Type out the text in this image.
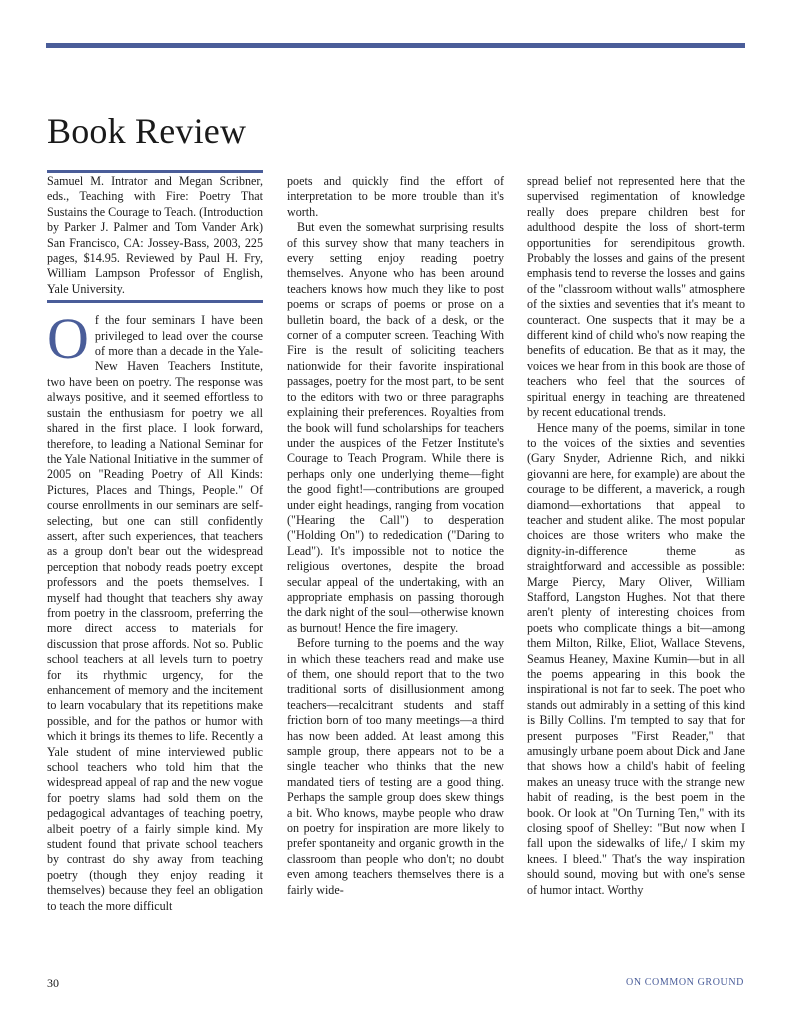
Book Review

Samuel M. Intrator and Megan Scribner, eds., Teaching with Fire: Poetry That Sustains the Courage to Teach. (Introduction by Parker J. Palmer and Tom Vander Ark) San Francisco, CA: Jossey-Bass, 2003, 225 pages, $14.95. Reviewed by Paul H. Fry, William Lampson Professor of English, Yale University.

Of the four seminars I have been privileged to lead over the course of more than a decade in the Yale-New Haven Teachers Institute, two have been on poetry. The response was always positive, and it seemed effortless to sustain the enthusiasm for poetry we all shared in the first place. I look forward, therefore, to leading a National Seminar for the Yale National Initiative in the summer of 2005 on "Reading Poetry of All Kinds: Pictures, Places and Things, People." Of course enrollments in our seminars are self-selecting, but one can still confidently assert, after such experiences, that teachers as a group don't bear out the widespread perception that nobody reads poetry except professors and the poets themselves. I myself had thought that teachers shy away from poetry in the classroom, preferring the more direct access to materials for discussion that prose affords. Not so. Public school teachers at all levels turn to poetry for its rhythmic urgency, for the enhancement of memory and the incitement to learn vocabulary that its repetitions make possible, and for the pathos or humor with which it brings its themes to life. Recently a Yale student of mine interviewed public school teachers who told him that the widespread appeal of rap and the new vogue for poetry slams had sold them on the pedagogical advantages of teaching poetry, albeit poetry of a fairly simple kind. My student found that private school teachers by contrast do shy away from teaching poetry (though they enjoy reading it themselves) because they feel an obligation to teach the more difficult

poets and quickly find the effort of interpretation to be more trouble than it's worth.

But even the somewhat surprising results of this survey show that many teachers in every setting enjoy reading poetry themselves. Anyone who has been around teachers knows how much they like to post poems or scraps of poems or prose on a bulletin board, the back of a desk, or the corner of a computer screen. Teaching With Fire is the result of soliciting teachers nationwide for their favorite inspirational passages, poetry for the most part, to be sent to the editors with two or three paragraphs explaining their preferences. Royalties from the book will fund scholarships for teachers under the auspices of the Fetzer Institute's Courage to Teach Program. While there is perhaps only one underlying theme—fight the good fight!—contributions are grouped under eight headings, ranging from vocation ("Hearing the Call") to desperation ("Holding On") to rededication ("Daring to Lead"). It's impossible not to notice the religious overtones, despite the broad secular appeal of the undertaking, with an appropriate emphasis on passing thorough the dark night of the soul—otherwise known as burnout! Hence the fire imagery.

Before turning to the poems and the way in which these teachers read and make use of them, one should report that to the two traditional sorts of disillusionment among teachers—recalcitrant students and staff friction born of too many meetings—a third has now been added. At least among this sample group, there appears not to be a single teacher who thinks that the new mandated tiers of testing are a good thing. Perhaps the sample group does skew things a bit. Who knows, maybe people who draw on poetry for inspiration are more likely to prefer spontaneity and organic growth in the classroom than people who don't; no doubt even among teachers themselves there is a fairly wide-

spread belief not represented here that the supervised regimentation of knowledge really does prepare children best for adulthood despite the loss of short-term opportunities for serendipitous growth. Probably the losses and gains of the present emphasis tend to reverse the losses and gains of the "classroom without walls" atmosphere of the sixties and seventies that it's meant to counteract. One suspects that it may be a different kind of child who's now reaping the benefits of education. Be that as it may, the voices we hear from in this book are those of teachers who feel that the sources of spiritual energy in teaching are threatened by recent educational trends.

Hence many of the poems, similar in tone to the voices of the sixties and seventies (Gary Snyder, Adrienne Rich, and nikki giovanni are here, for example) are about the courage to be different, a maverick, a rough diamond—exhortations that appeal to teacher and student alike. The most popular choices are those writers who make the dignity-in-difference theme as straightforward and accessible as possible: Marge Piercy, Mary Oliver, William Stafford, Langston Hughes. Not that there aren't plenty of interesting choices from poets who complicate things a bit—among them Milton, Rilke, Eliot, Wallace Stevens, Seamus Heaney, Maxine Kumin—but in all the poems appearing in this book the inspirational is not far to seek. The poet who stands out admirably in a setting of this kind is Billy Collins. I'm tempted to say that for present purposes "First Reader," that amusingly urbane poem about Dick and Jane that shows how a child's habit of feeling makes an uneasy truce with the strange new habit of reading, is the best poem in the book. Or look at "On Turning Ten," with its closing spoof of Shelley: "But now when I fall upon the sidewalks of life,/ I skim my knees. I bleed." That's the way inspiration should sound, moving but with one's sense of humor intact. Worthy

30	ON COMMON GROUND
